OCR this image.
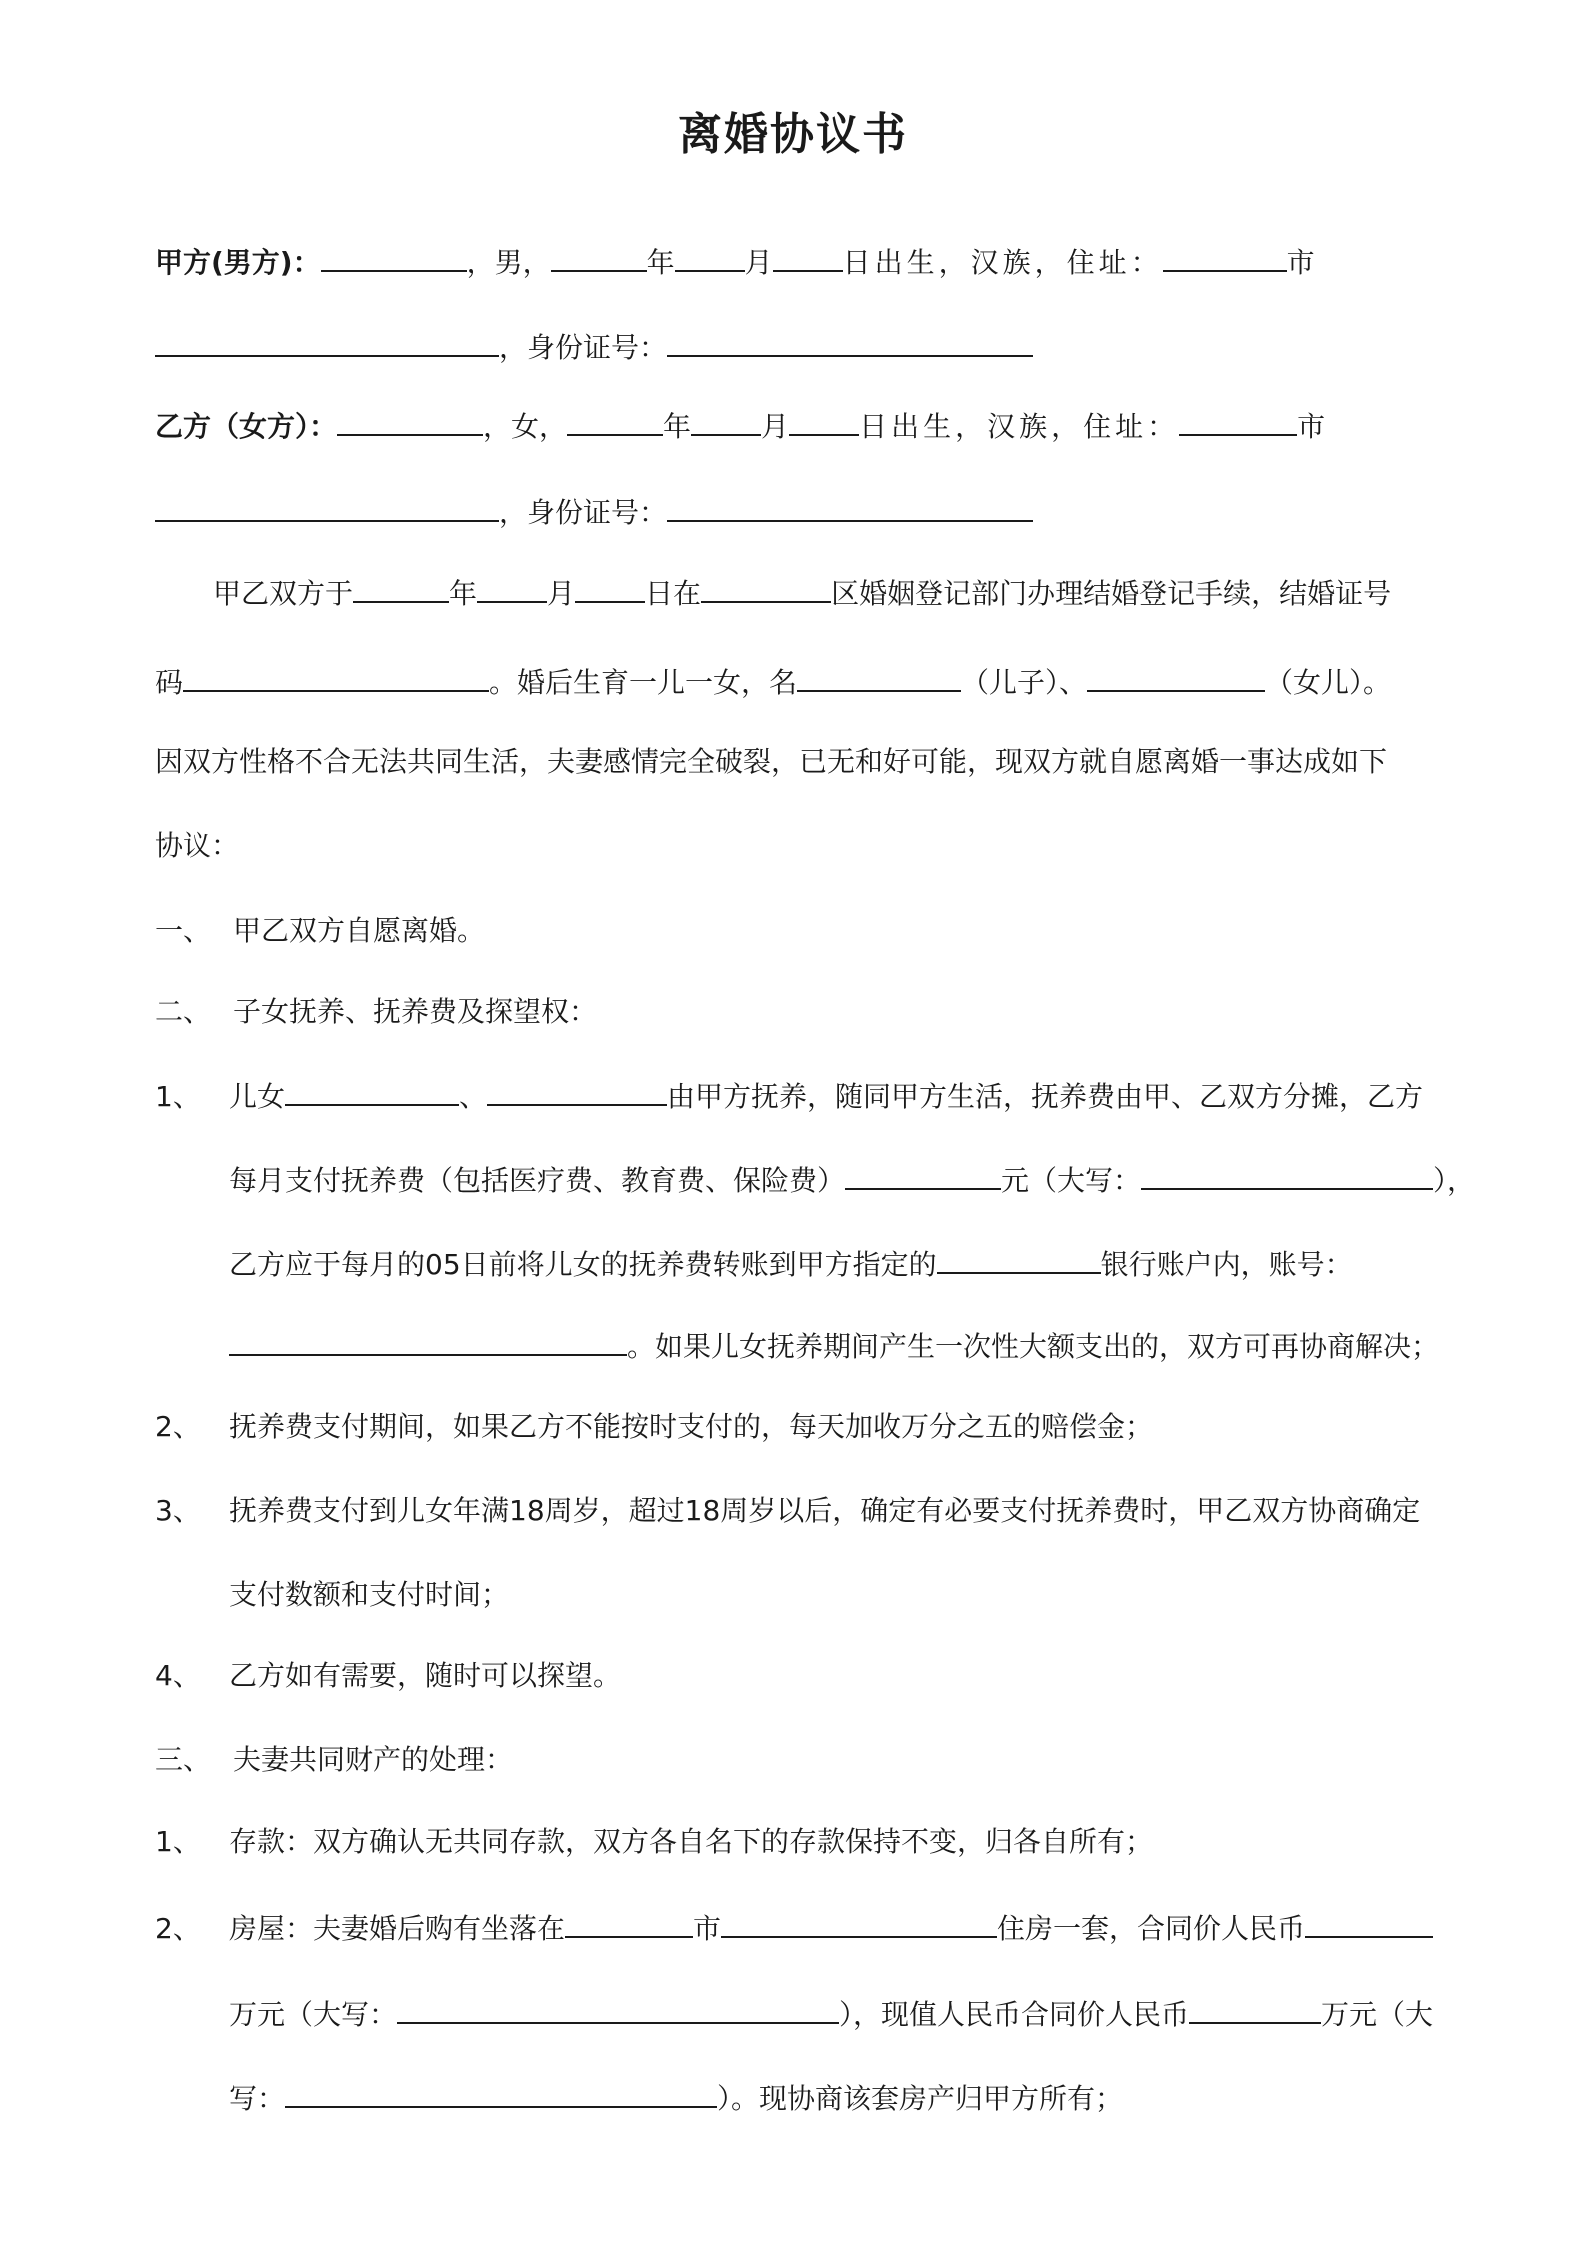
离婚协议书
甲方(男方)：	，男，	年	月	日出生，汉族，住址：	市
，身份证号：
乙方（女方）：	，女，	年	月	日出生，汉族，住址：	市
，身份证号：
甲乙双方于	年	月	日在	区婚姻登记部门办理结婚登记手续，结婚证号
码	。婚后生育一儿一女，名	（儿子）、	（女儿）。
因双方性格不合无法共同生活，夫妻感情完全破裂，已无和好可能，现双方就自愿离婚一事达成如下
协议：
一、 甲乙双方自愿离婚。
二、 子女抚养、抚养费及探望权：
1、 儿女	、	由甲方抚养，随同甲方生活，抚养费由甲、乙双方分摊，乙方
每月支付抚养费（包括医疗费、教育费、保险费）	元（大写：	），
乙方应于每月的05日前将儿女的抚养费转账到甲方指定的	银行账户内，账号：
。如果儿女抚养期间产生一次性大额支出的，双方可再协商解决；
2、 抚养费支付期间，如果乙方不能按时支付的，每天加收万分之五的赔偿金；
3、 抚养费支付到儿女年满18周岁，超过18周岁以后，确定有必要支付抚养费时，甲乙双方协商确定
支付数额和支付时间；
4、 乙方如有需要，随时可以探望。
三、 夫妻共同财产的处理：
1、 存款：双方确认无共同存款，双方各自名下的存款保持不变，归各自所有；
2、 房屋：夫妻婚后购有坐落在	市	住房一套，合同价人民币
万元（大写：	），现值人民币合同价人民币	万元（大
写：	）。现协商该套房产归甲方所有；
